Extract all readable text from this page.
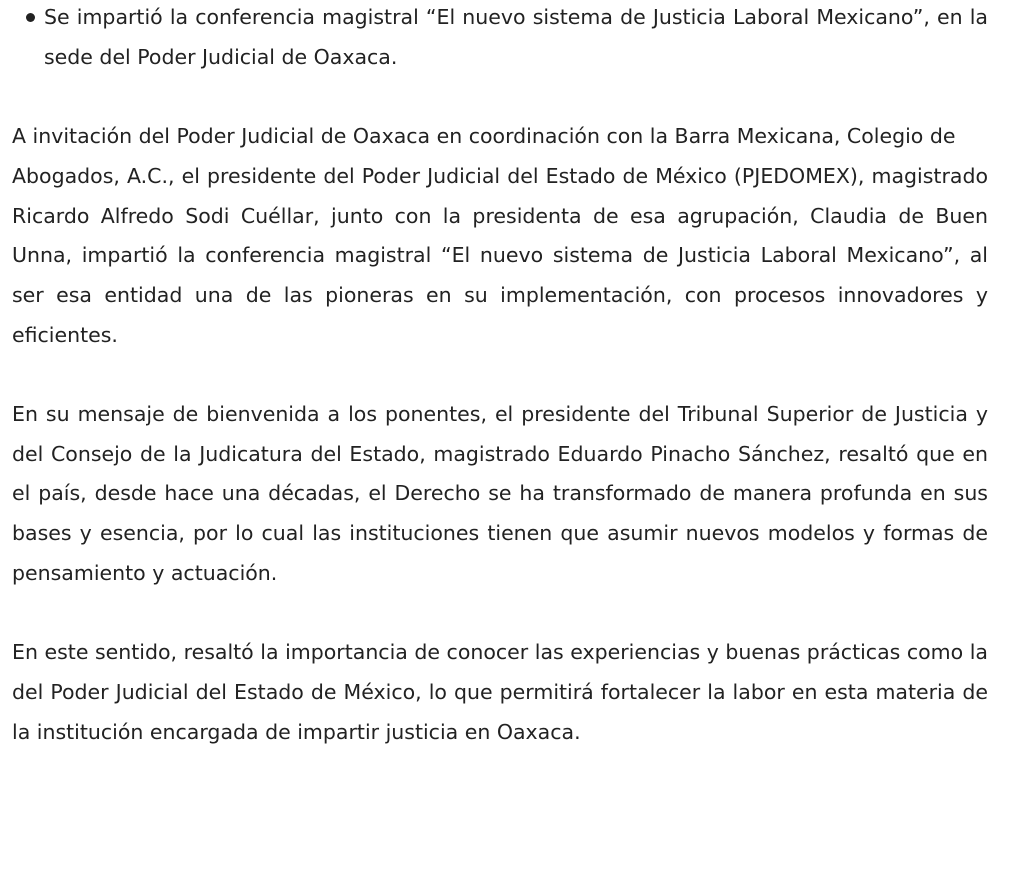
Se impartió la conferencia magistral “El nuevo sistema de Justicia Laboral Mexicano”, en la sede del Poder Judicial de Oaxaca.

A invitación del Poder Judicial de Oaxaca en coordinación con la Barra Mexicana, Colegio de
Abogados, A.C., el presidente del Poder Judicial del Estado de México (PJEDOMEX), magistrado Ricardo Alfredo Sodi Cuéllar, junto con la presidenta de esa agrupación, Claudia de Buen Unna, impartió la conferencia magistral “El nuevo sistema de Justicia Laboral Mexicano”, al ser esa entidad una de las pioneras en su implementación, con procesos innovadores y eficientes.

En su mensaje de bienvenida a los ponentes, el presidente del Tribunal Superior de Justicia y del Consejo de la Judicatura del Estado, magistrado Eduardo Pinacho Sánchez, resaltó que en el país, desde hace una décadas, el Derecho se ha transformado de manera profunda en sus bases y esencia, por lo cual las instituciones tienen que asumir nuevos modelos y formas de pensamiento y actuación.

En este sentido, resaltó la importancia de conocer las experiencias y buenas prácticas como la del Poder Judicial del Estado de México, lo que permitirá fortalecer la labor en esta materia de la institución encargada de impartir justicia en Oaxaca.
